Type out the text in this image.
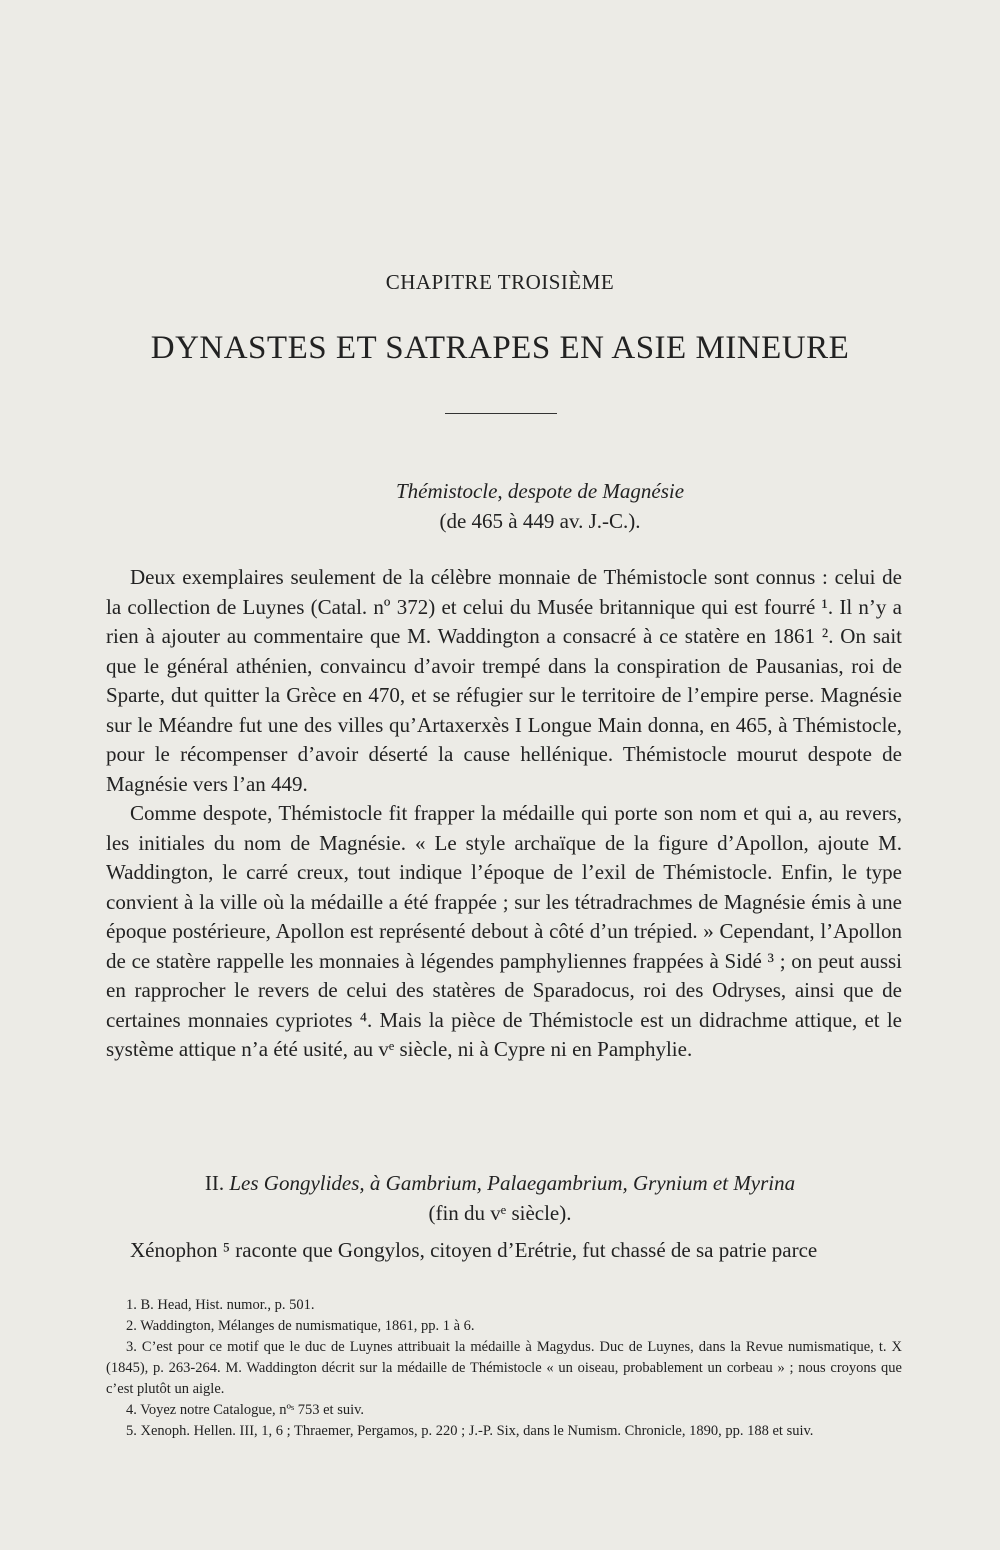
CHAPITRE TROISIÈME
DYNASTES ET SATRAPES EN ASIE MINEURE
Thémistocle, despote de Magnésie
(de 465 à 449 av. J.-C.).

Deux exemplaires seulement de la célèbre monnaie de Thémistocle sont connus : celui de la collection de Luynes (Catal. nº 372) et celui du Musée britannique qui est fourré ¹. Il n’y a rien à ajouter au commentaire que M. Waddington a consacré à ce statère en 1861 ². On sait que le général athénien, convaincu d’avoir trempé dans la conspiration de Pausanias, roi de Sparte, dut quitter la Grèce en 470, et se réfugier sur le territoire de l’empire perse. Magnésie sur le Méandre fut une des villes qu’Artaxerxès I Longue Main donna, en 465, à Thémistocle, pour le récompenser d’avoir déserté la cause hellénique. Thémistocle mourut despote de Magnésie vers l’an 449.

Comme despote, Thémistocle fit frapper la médaille qui porte son nom et qui a, au revers, les initiales du nom de Magnésie. « Le style archaïque de la figure d’Apollon, ajoute M. Waddington, le carré creux, tout indique l’époque de l’exil de Thémistocle. Enfin, le type convient à la ville où la médaille a été frappée ; sur les tétradrachmes de Magnésie émis à une époque postérieure, Apollon est représenté debout à côté d’un trépied. » Cependant, l’Apollon de ce statère rappelle les monnaies à légendes pamphyliennes frappées à Sidé ³ ; on peut aussi en rapprocher le revers de celui des statères de Sparadocus, roi des Odryses, ainsi que de certaines monnaies cypriotes ⁴. Mais la pièce de Thémistocle est un didrachme attique, et le système attique n’a été usité, au vᵉ siècle, ni à Cypre ni en Pamphylie.

II. Les Gongylides, à Gambrium, Palaegambrium, Grynium et Myrina
(fin du vᵉ siècle).

Xénophon ⁵ raconte que Gongylos, citoyen d’Erétrie, fut chassé de sa patrie parce

1. B. Head, Hist. numor., p. 501.

2. Waddington, Mélanges de numismatique, 1861, pp. 1 à 6.

3. C’est pour ce motif que le duc de Luynes attribuait la médaille à Magydus. Duc de Luynes, dans la Revue numismatique, t. X (1845), p. 263-264. M. Waddington décrit sur la médaille de Thémistocle « un oiseau, probablement un corbeau » ; nous croyons que c’est plutôt un aigle.

4. Voyez notre Catalogue, nºˢ 753 et suiv.

5. Xenoph. Hellen. III, 1, 6 ; Thraemer, Pergamos, p. 220 ; J.-P. Six, dans le Numism. Chronicle, 1890, pp. 188 et suiv.
